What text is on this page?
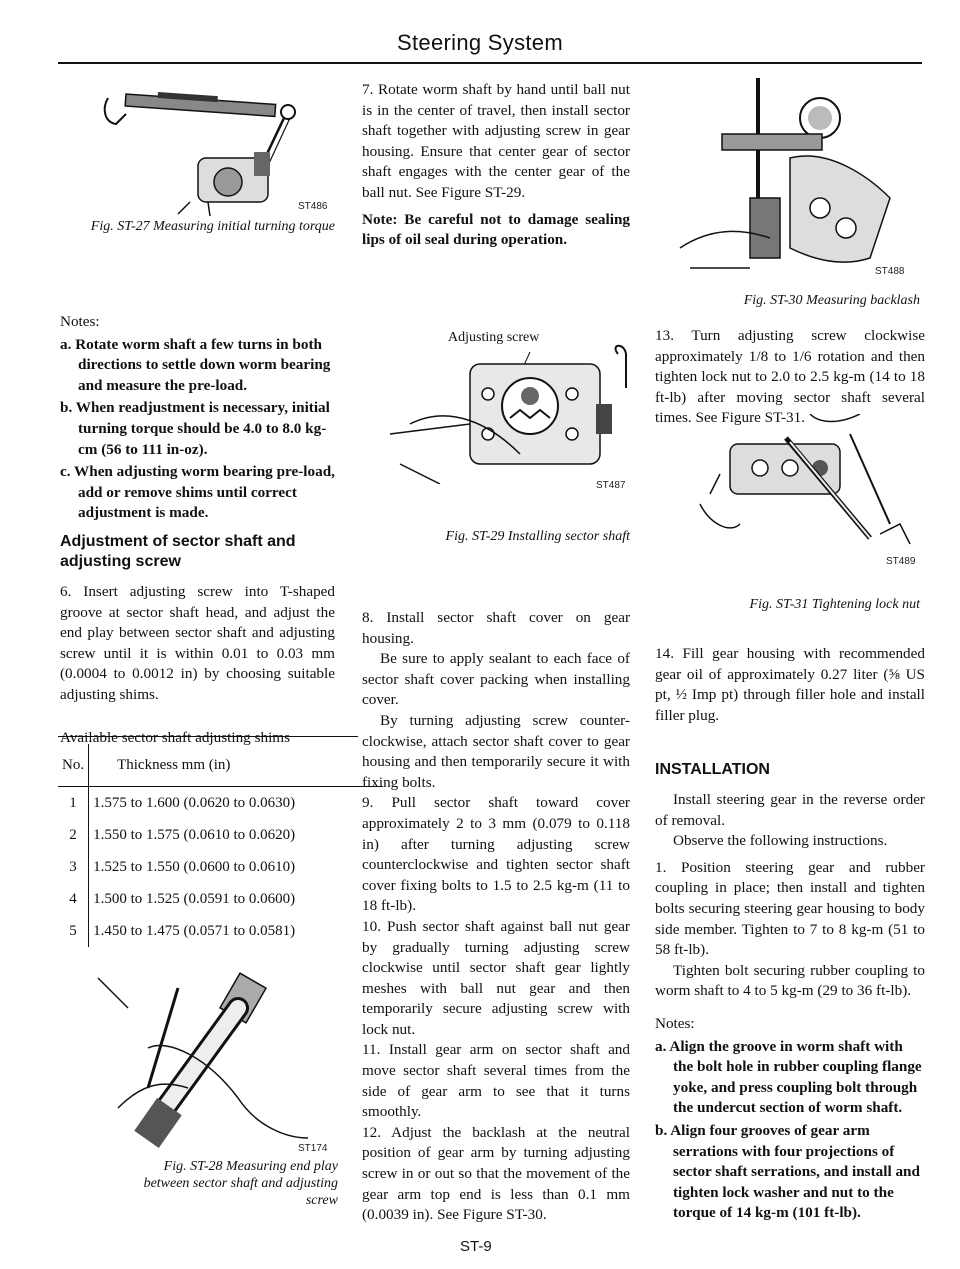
Steering System
ST486
Fig. ST-27 Measuring initial turning torque

Notes:

a. Rotate worm shaft a few turns in both directions to settle down worm bearing and measure the pre-load.
b. When readjustment is necessary, initial turning torque should be 4.0 to 8.0 kg-cm (56 to 111 in-oz).
c. When adjusting worm bearing pre-load, add or remove shims until correct adjustment is made.
Adjustment of sector shaft and adjusting screw

6. Insert adjusting screw into T-shaped groove at sector shaft head, and adjust the end play between sector shaft and adjusting screw until it is within 0.01 to 0.03 mm (0.0004 to 0.0012 in) by choosing suitable adjusting shims.

Available sector shaft adjusting shims

No.	Thickness mm (in)
1	1.575 to 1.600 (0.0620 to 0.0630)
2	1.550 to 1.575 (0.0610 to 0.0620)
3	1.525 to 1.550 (0.0600 to 0.0610)
4	1.500 to 1.525 (0.0591 to 0.0600)
5	1.450 to 1.475 (0.0571 to 0.0581)
ST174
Fig. ST-28 Measuring end play between sector shaft and adjusting screw

7. Rotate worm shaft by hand until ball nut is in the center of travel, then install sector shaft together with adjusting screw in gear housing. Ensure that center gear of sector shaft engages with the center gear of the ball nut. See Figure ST-29.

Note: Be careful not to damage sealing lips of oil seal during operation.

Adjusting screw
ST487
Fig. ST-29 Installing sector shaft

8. Install sector shaft cover on gear housing.

Be sure to apply sealant to each face of sector shaft cover packing when installing cover.

By turning adjusting screw counter-clockwise, attach sector shaft cover to gear housing and then temporarily secure it with fixing bolts.

9. Pull sector shaft toward cover approximately 2 to 3 mm (0.079 to 0.118 in) after turning adjusting screw counterclockwise and tighten sector shaft cover fixing bolts to 1.5 to 2.5 kg-m (11 to 18 ft-lb).

10. Push sector shaft against ball nut gear by gradually turning adjusting screw clockwise until sector shaft gear lightly meshes with ball nut gear and then temporarily secure adjusting screw with lock nut.

11. Install gear arm on sector shaft and move sector shaft several times from the side of gear arm to see that it turns smoothly.

12. Adjust the backlash at the neutral position of gear arm by turning adjusting screw in or out so that the movement of the gear arm top end is less than 0.1 mm (0.0039 in). See Figure ST-30.

ST488
Fig. ST-30 Measuring backlash

13. Turn adjusting screw clockwise approximately 1/8 to 1/6 rotation and then tighten lock nut to 2.0 to 2.5 kg-m (14 to 18 ft-lb) after moving sector shaft several times. See Figure ST-31.

ST489
Fig. ST-31 Tightening lock nut

14. Fill gear housing with recommended gear oil of approximately 0.27 liter (⅝ US pt, ½ Imp pt) through filler hole and install filler plug.

INSTALLATION

Install steering gear in the reverse order of removal.

Observe the following instructions.

1. Position steering gear and rubber coupling in place; then install and tighten bolts securing steering gear housing to body side member. Tighten to 7 to 8 kg-m (51 to 58 ft-lb).

Tighten bolt securing rubber coupling to worm shaft to 4 to 5 kg-m (29 to 36 ft-lb).

Notes:

a. Align the groove in worm shaft with the bolt hole in rubber coupling flange yoke, and press coupling bolt through the undercut section of worm shaft.
b. Align four grooves of gear arm serrations with four projections of sector shaft serrations, and install and tighten lock washer and nut to the torque of 14 kg-m (101 ft-lb).
ST-9
